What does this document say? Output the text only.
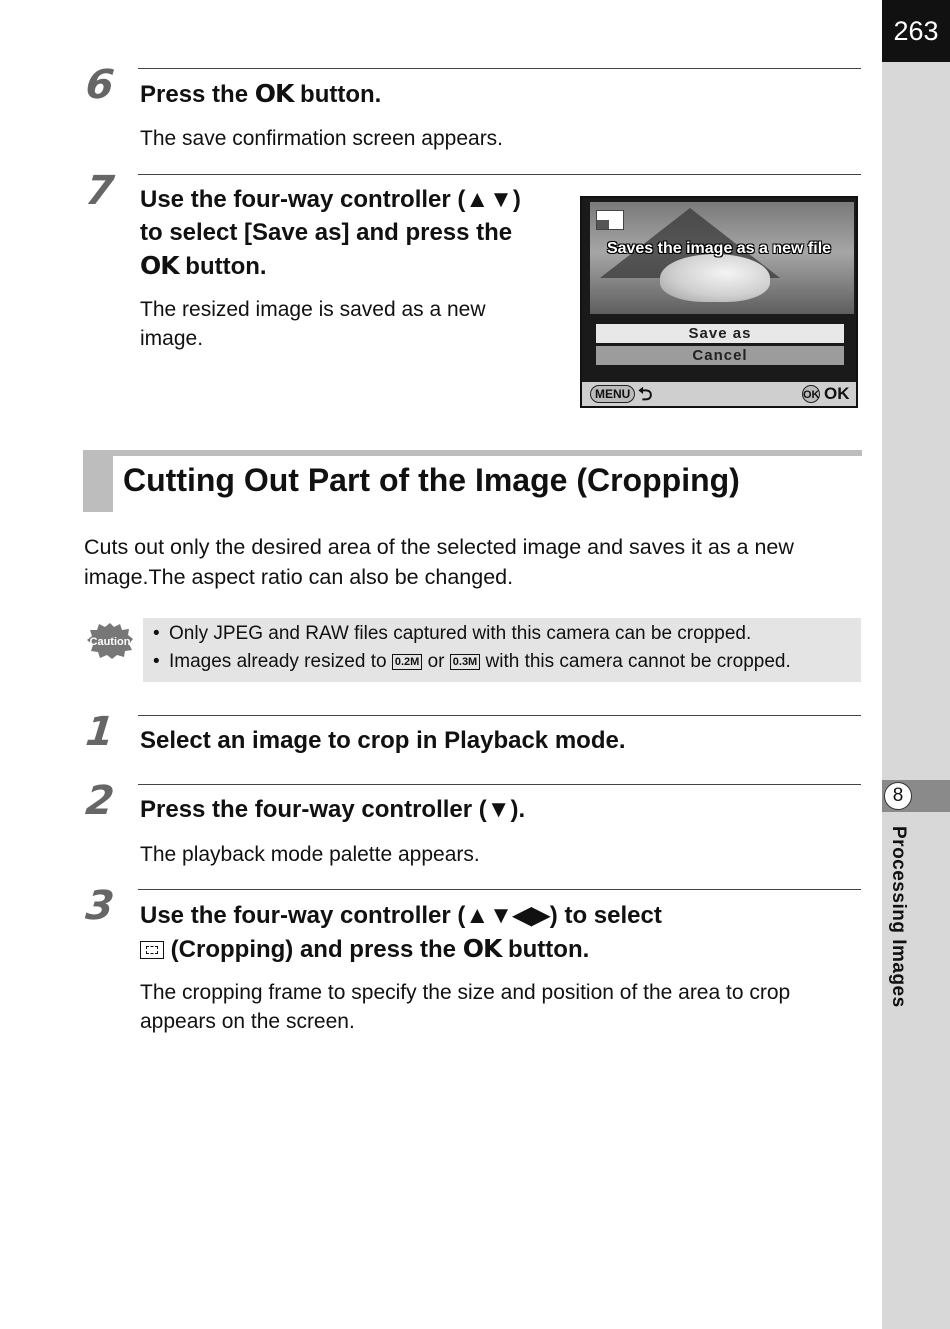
263
8
Processing Images
6 Press the OK button.
The save confirmation screen appears.
7 Use the four-way controller (▲▼)
to select [Save as] and press the
OK button.
The resized image is saved as a new
image.
Saves the image as a new file
Save as
Cancel
MENU ⮌	OK OK
Cutting Out Part of the Image (Cropping)
Cuts out only the desired area of the selected image and saves it as a new
image.The aspect ratio can also be changed.
Caution • Only JPEG and RAW files captured with this camera can be cropped.
• Images already resized to 0.2M or 0.3M with this camera cannot be cropped.
1 Select an image to crop in Playback mode.
2 Press the four-way controller (▼).
The playback mode palette appears.
3 Use the four-way controller (▲▼◀▶) to select
(Cropping) and press the OK button.
The cropping frame to specify the size and position of the area to crop
appears on the screen.
